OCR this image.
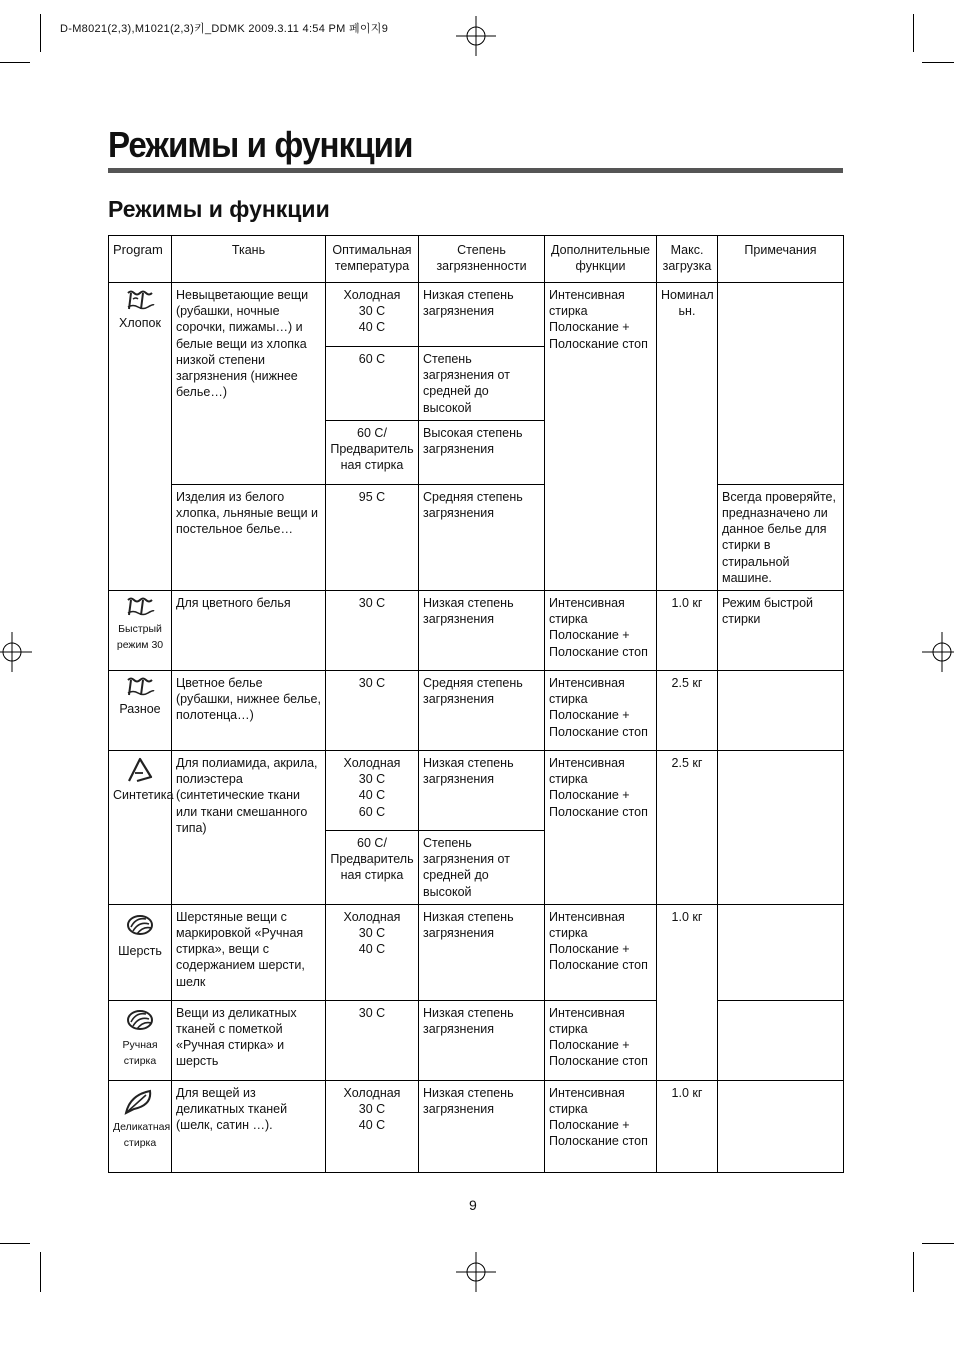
D-M8021(2,3),M1021(2,3)키_DDMK 2009.3.11 4:54 PM 페이지9
Режимы и функции
Режимы и функции
Program	Ткань	Оптимальная температура	Степень загрязненности	Дополнительные функции	Макс. загрузка	Примечания

Хлопок	Невыцветающие вещи (рубашки, ночные сорочки, пижамы…) и белые вещи из хлопка низкой степени загрязнения (нижнее белье…)	Холодная
30 С
40 С	Низкая степень загрязнения	Интенсивная стирка
Полоскание +
Полоскание стоп	Номинал
ьн.	
		60 С	Степень загрязнения от средней до высокой			
		60 С/ Предваритель ная стирка	Высокая степень загрязнения			
	Изделия из белого хлопка, льняные вещи и постельное белье…	95 С	Средняя степень загрязнения			Всегда проверяйте, предназначено ли данное белье для стирки в стиральной машине.

Быстрый режим 30	Для цветного белья	30 С	Низкая степень загрязнения	Интенсивная стирка
Полоскание +
Полоскание стоп	1.0 кг	Режим быстрой стирки

Разное	Цветное белье (рубашки, нижнее белье, полотенца…)	30 С	Средняя степень загрязнения	Интенсивная стирка
Полоскание +
Полоскание стоп	2.5 кг	

Синтетика	Для полиамида, акрила, полиэстера (синтетические ткани или ткани смешанного типа)	Холодная
30 С
40 С
60 С	Низкая степень загрязнения	Интенсивная стирка
Полоскание +
Полоскание стоп	2.5 кг	
		60 С/ Предваритель ная стирка	Степень загрязнения от средней до высокой			

Шерсть	Шерстяные вещи с маркировкой «Ручная стирка», вещи с содержанием шерсти, шелк	Холодная
30 С
40 С	Низкая степень загрязнения	Интенсивная стирка
Полоскание +
Полоскание стоп	1.0 кг	

Ручная стирка	Вещи из деликатных тканей с пометкой «Ручная стирка» и шерсть	30 С	Низкая степень загрязнения	Интенсивная стирка
Полоскание +
Полоскание стоп		

Деликатная стирка	Для вещей из деликатных тканей (шелк, сатин …).	Холодная
30 С
40 С	Низкая степень загрязнения	Интенсивная стирка
Полоскание +
Полоскание стоп	1.0 кг	
9
